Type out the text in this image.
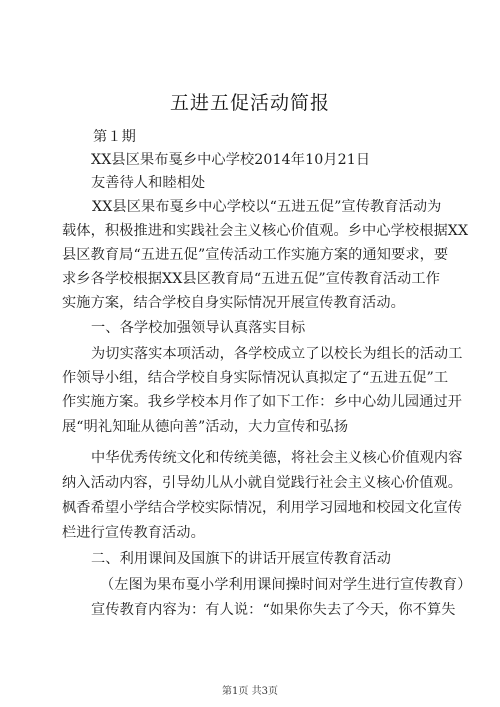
五进五促活动简报
第１期
XX县区果布戛乡中心学校2014年10月21日
友善待人和睦相处
XX县区果布戛乡中心学校以“五进五促”宣传教育活动为
载体，积极推进和实践社会主义核心价值观。乡中心学校根据XX
县区教育局“五进五促”宣传活动工作实施方案的通知要求，要
求乡各学校根据XX县区教育局“五进五促”宣传教育活动工作
实施方案，结合学校自身实际情况开展宣传教育活动。
一、各学校加强领导认真落实目标
为切实落实本项活动，各学校成立了以校长为组长的活动工
作领导小组，结合学校自身实际情况认真拟定了“五进五促”工
作实施方案。我乡学校本月作了如下工作：乡中心幼儿园通过开
展“明礼知耻从德向善”活动，大力宣传和弘扬
中华优秀传统文化和传统美德，将社会主义核心价值观内容
纳入活动内容，引导幼儿从小就自觉践行社会主义核心价值观。
枫香希望小学结合学校实际情况，利用学习园地和校园文化宣传
栏进行宣传教育活动。
二、利用课间及国旗下的讲话开展宣传教育活动
（左图为果布戛小学利用课间操时间对学生进行宣传教育）
宣传教育内容为：有人说：“如果你失去了今天，你不算失
第1页 共3页
